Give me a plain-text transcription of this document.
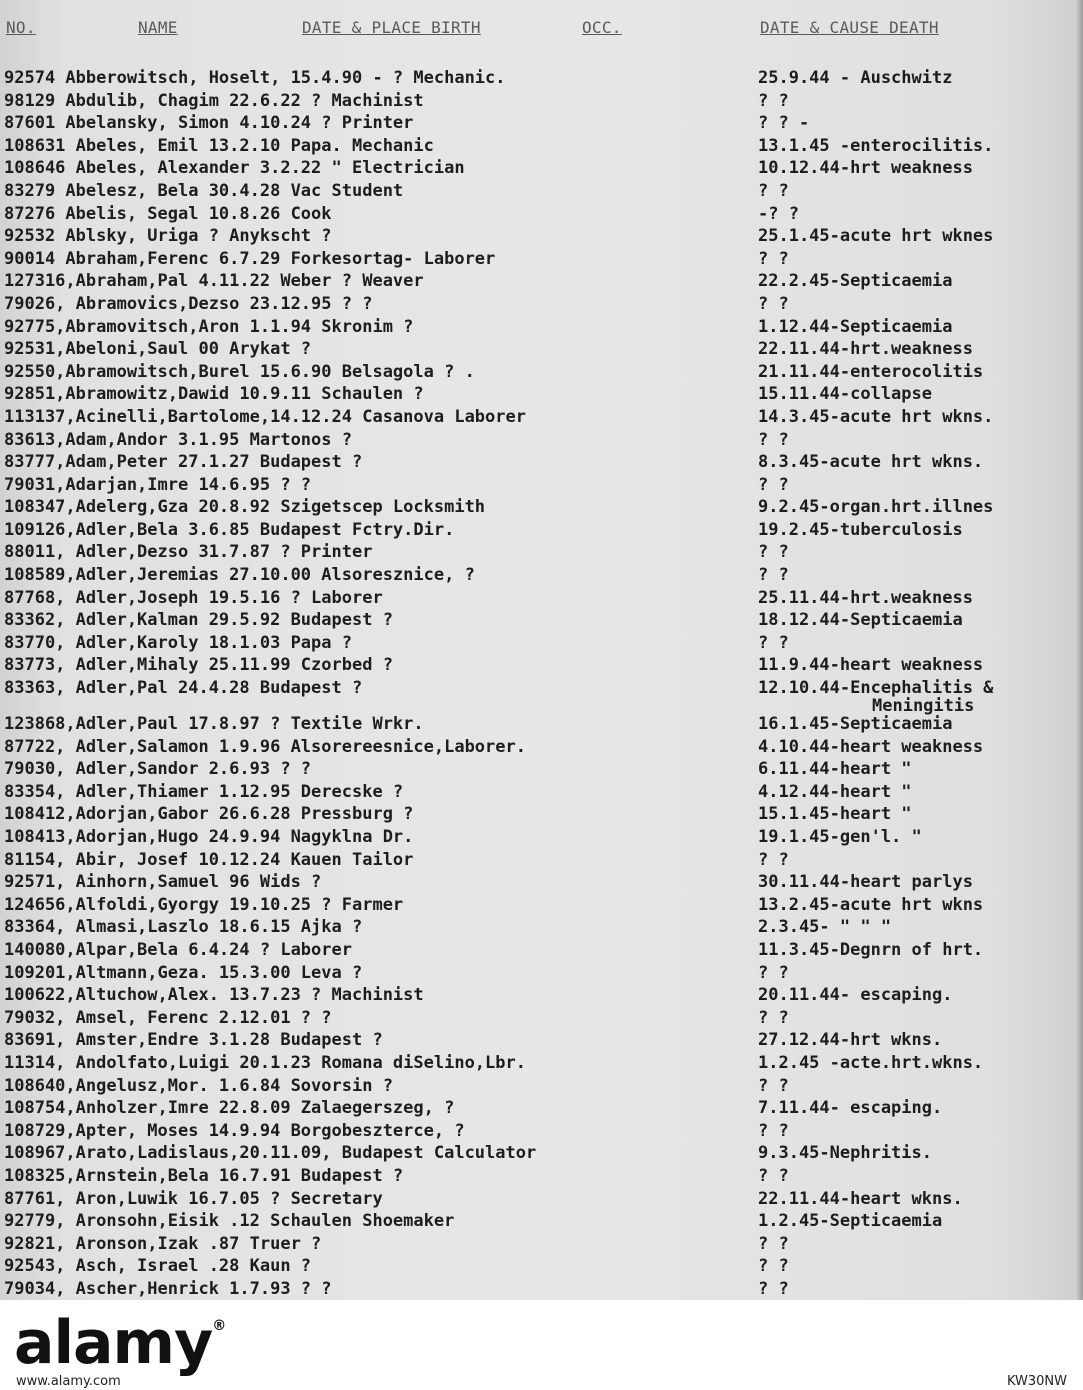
NO.	NAME	DATE & PLACE BIRTH	OCC.	DATE & CAUSE DEATH
92574 Abberowitsch, Hoselt, 15.4.90 - ? Mechanic.	25.9.44 - Auschwitz
98129 Abdulib, Chagim 22.6.22 ? Machinist	? ?
87601 Abelansky, Simon 4.10.24 ? Printer	? ? -
108631 Abeles, Emil 13.2.10 Papa. Mechanic	13.1.45 -enterocilitis.
108646 Abeles, Alexander 3.2.22 " Electrician	10.12.44-hrt weakness
83279 Abelesz, Bela 30.4.28 Vac Student	? ?
87276 Abelis, Segal 10.8.26 Cook	-? ?
92532 Ablsky, Uriga ? Anykscht ?	25.1.45-acute hrt wknes
90014 Abraham,Ferenc 6.7.29 Forkesortag- Laborer	? ?
127316,Abraham,Pal 4.11.22 Weber ? Weaver	22.2.45-Septicaemia
79026, Abramovics,Dezso 23.12.95 ? ?	? ?
92775,Abramovitsch,Aron 1.1.94 Skronim ?	1.12.44-Septicaemia
92531,Abeloni,Saul 00 Arykat ?	22.11.44-hrt.weakness
92550,Abramowitsch,Burel 15.6.90 Belsagola ? .	21.11.44-enterocolitis
92851,Abramowitz,Dawid 10.9.11 Schaulen ?	15.11.44-collapse
113137,Acinelli,Bartolome,14.12.24 Casanova Laborer	14.3.45-acute hrt wkns.
83613,Adam,Andor 3.1.95 Martonos ?	? ?
83777,Adam,Peter 27.1.27 Budapest ?	8.3.45-acute hrt wkns.
79031,Adarjan,Imre 14.6.95 ? ?	? ?
108347,Adelerg,Gza 20.8.92 Szigetscep Locksmith	9.2.45-organ.hrt.illnes
109126,Adler,Bela 3.6.85 Budapest Fctry.Dir.	19.2.45-tuberculosis
88011, Adler,Dezso 31.7.87 ? Printer	? ?
108589,Adler,Jeremias 27.10.00 Alsoresznice, ?	? ?
87768, Adler,Joseph 19.5.16 ? Laborer	25.11.44-hrt.weakness
83362, Adler,Kalman 29.5.92 Budapest ?	18.12.44-Septicaemia
83770, Adler,Karoly 18.1.03 Papa ?	? ?
83773, Adler,Mihaly 25.11.99 Czorbed ?	11.9.44-heart weakness
83363, Adler,Pal 24.4.28 Budapest ?	12.10.44-Encephalitis &
Meningitis
123868,Adler,Paul 17.8.97 ? Textile Wrkr.	16.1.45-Septicaemia
87722, Adler,Salamon 1.9.96 Alsorereesnice,Laborer.	4.10.44-heart weakness
79030, Adler,Sandor 2.6.93 ? ?	6.11.44-heart "
83354, Adler,Thiamer 1.12.95 Derecske ?	4.12.44-heart "
108412,Adorjan,Gabor 26.6.28 Pressburg ?	15.1.45-heart "
108413,Adorjan,Hugo 24.9.94 Nagyklna Dr.	19.1.45-gen'l. "
81154, Abir, Josef 10.12.24 Kauen Tailor	? ?
92571, Ainhorn,Samuel 96 Wids ?	30.11.44-heart parlys
124656,Alfoldi,Gyorgy 19.10.25 ? Farmer	13.2.45-acute hrt wkns
83364, Almasi,Laszlo 18.6.15 Ajka ?	2.3.45- " " "
140080,Alpar,Bela 6.4.24 ? Laborer	11.3.45-Degnrn of hrt.
109201,Altmann,Geza. 15.3.00 Leva ?	? ?
100622,Altuchow,Alex. 13.7.23 ? Machinist	20.11.44- escaping.
79032, Amsel, Ferenc 2.12.01 ? ?	? ?
83691, Amster,Endre 3.1.28 Budapest ?	27.12.44-hrt wkns.
11314, Andolfato,Luigi 20.1.23 Romana diSelino,Lbr.	1.2.45 -acte.hrt.wkns.
108640,Angelusz,Mor. 1.6.84 Sovorsin ?	? ?
108754,Anholzer,Imre 22.8.09 Zalaegerszeg, ?	7.11.44- escaping.
108729,Apter, Moses 14.9.94 Borgobeszterce, ?	? ?
108967,Arato,Ladislaus,20.11.09, Budapest Calculator	9.3.45-Nephritis.
108325,Arnstein,Bela 16.7.91 Budapest ?	? ?
87761, Aron,Luwik 16.7.05 ? Secretary	22.11.44-heart wkns.
92779, Aronsohn,Eisik .12 Schaulen Shoemaker	1.2.45-Septicaemia
92821, Aronson,Izak .87 Truer ?	? ?
92543, Asch, Israel .28 Kaun ?	? ?
79034, Ascher,Henrick 1.7.93 ? ?	? ?
alamy®
www.alamy.com	KW30NW
